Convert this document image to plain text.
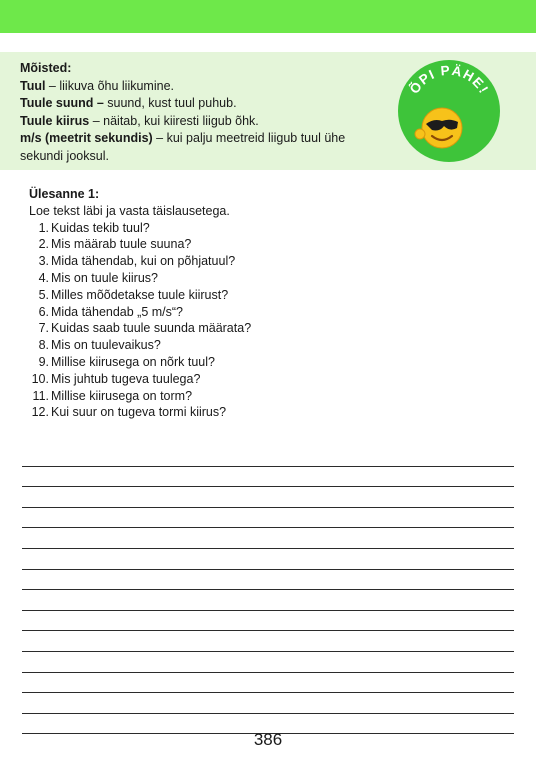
Mõisted:
Tuul – liikuva õhu liikumine.
Tuule suund – suund, kust tuul puhub.
Tuule kiirus – näitab, kui kiiresti liigub õhk.
m/s (meetrit sekundis) – kui palju meetreid liigub tuul ühe
sekundi jooksul.
ÕPI PÄHE!
Ülesanne 1:
Loe tekst läbi ja vasta täislausetega.
1. Kuidas tekib tuul?
2. Mis määrab tuule suuna?
3. Mida tähendab, kui on põhjatuul?
4. Mis on tuule kiirus?
5. Milles mõõdetakse tuule kiirust?
6. Mida tähendab „5 m/s“?
7. Kuidas saab tuule suunda määrata?
8. Mis on tuulevaikus?
9. Millise kiirusega on nõrk tuul?
10. Mis juhtub tugeva tuulega?
11. Millise kiirusega on torm?
12. Kui suur on tugeva tormi kiirus?
386
